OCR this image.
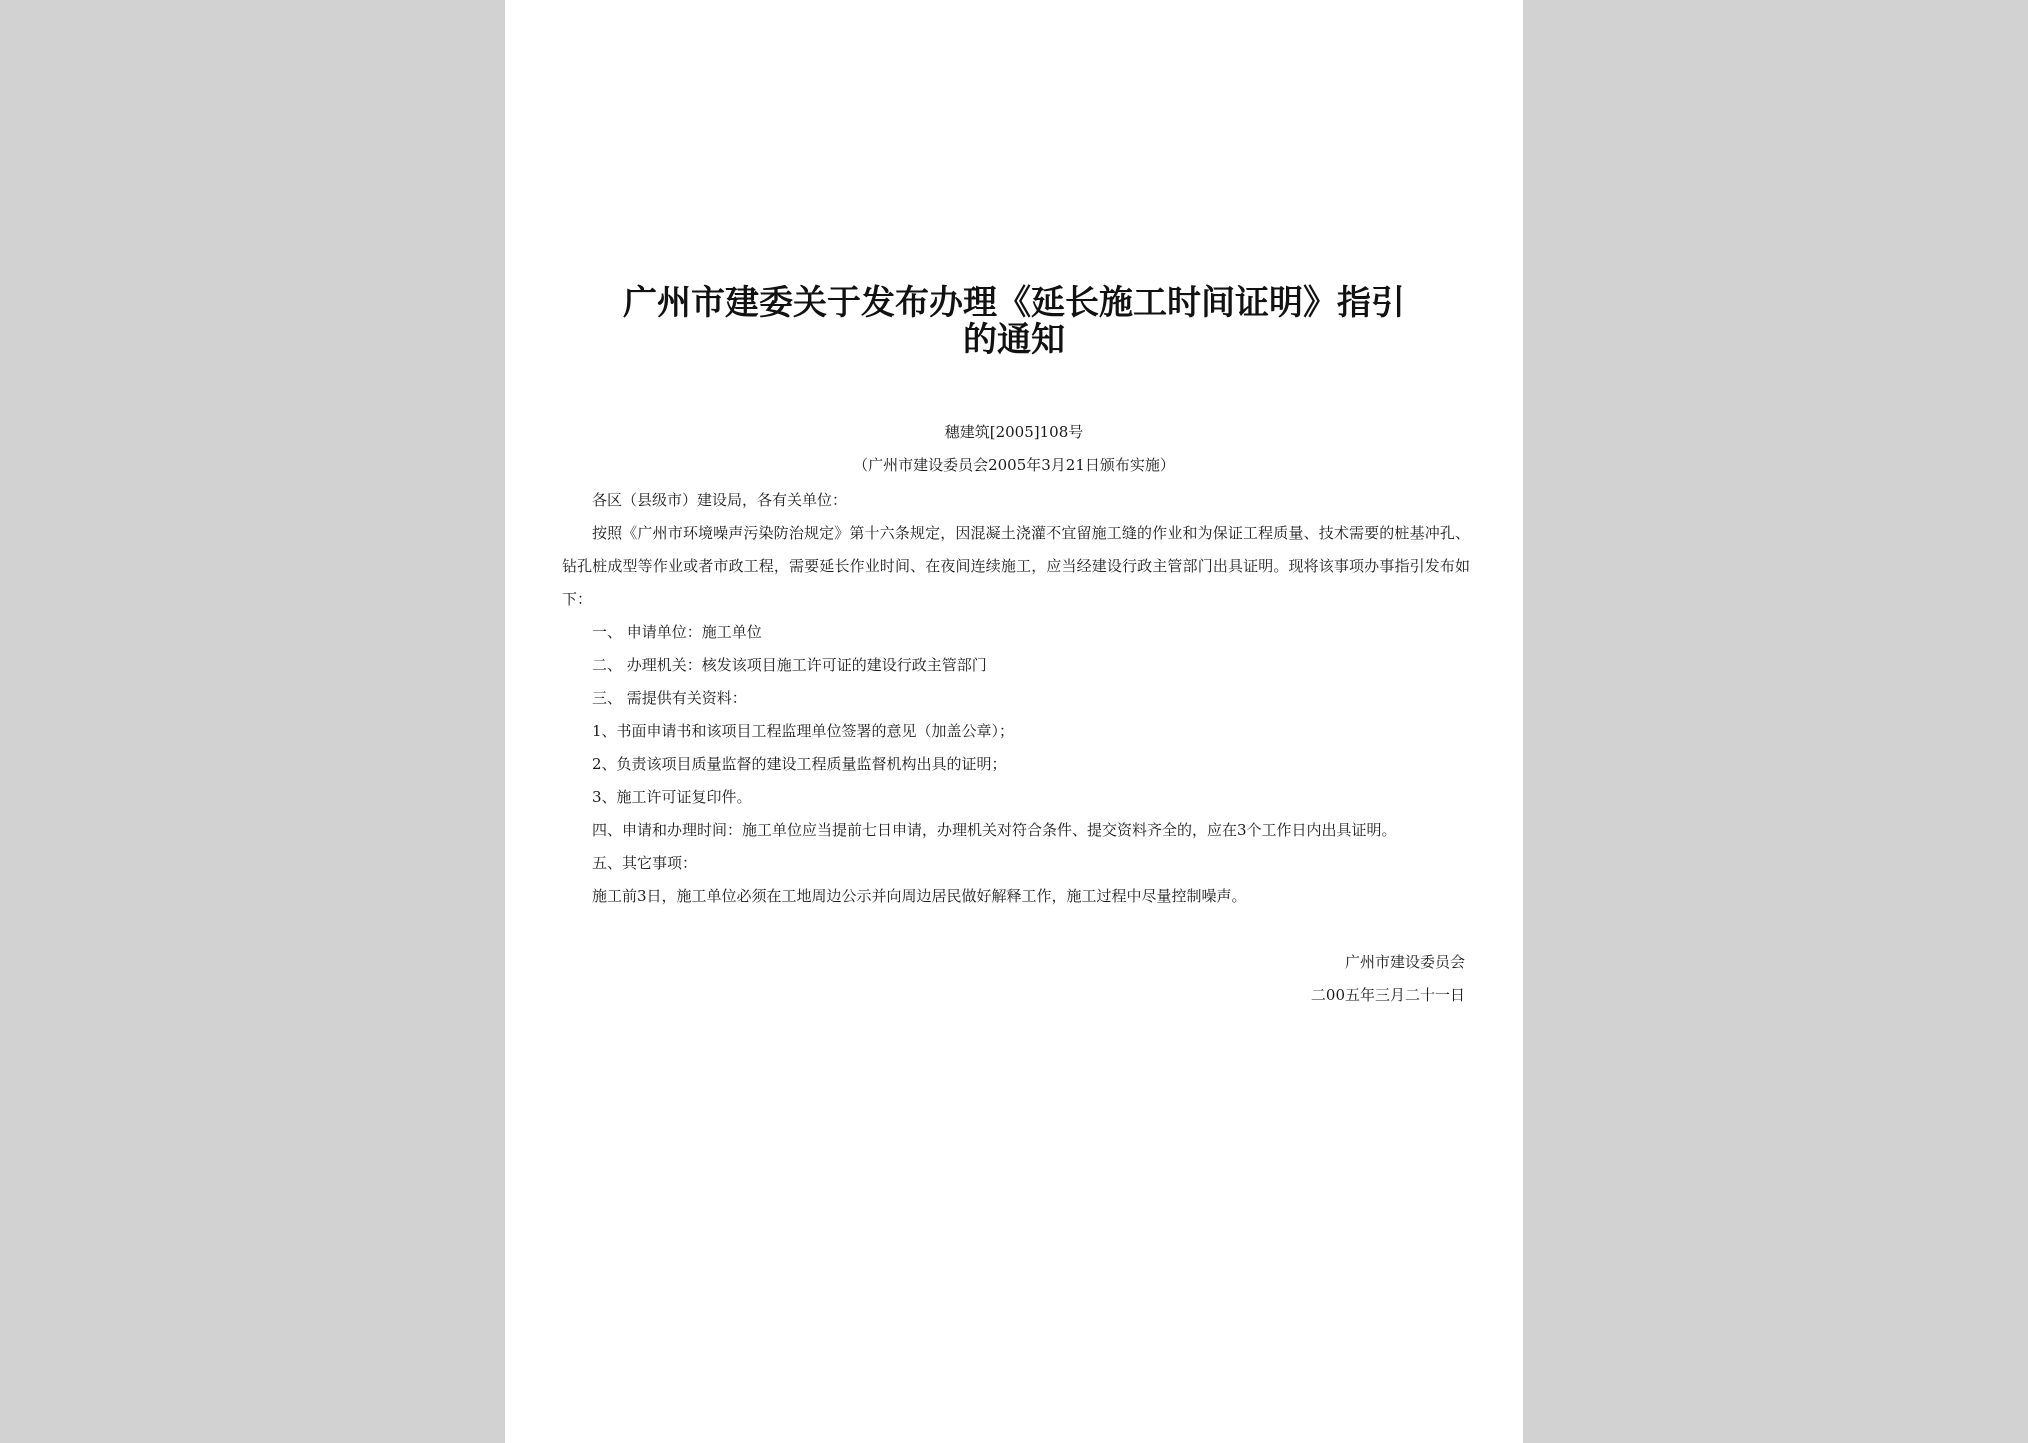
广州市建委关于发布办理《延长施工时间证明》指引
的通知
穗建筑[2005]108号
（广州市建设委员会2005年3月21日颁布实施）

各区（县级市）建设局，各有关单位：

按照《广州市环境噪声污染防治规定》第十六条规定，因混凝土浇灌不宜留施工缝的作业和为保证工程质量、技术需要的桩基冲孔、钻孔桩成型等作业或者市政工程，需要延长作业时间、在夜间连续施工，应当经建设行政主管部门出具证明。现将该事项办事指引发布如下：

一、 申请单位：施工单位

二、 办理机关：核发该项目施工许可证的建设行政主管部门

三、 需提供有关资料：

1、书面申请书和该项目工程监理单位签署的意见（加盖公章）；

2、负责该项目质量监督的建设工程质量监督机构出具的证明；

3、施工许可证复印件。

四、申请和办理时间：施工单位应当提前七日申请，办理机关对符合条件、提交资料齐全的，应在3个工作日内出具证明。

五、其它事项：

施工前3日，施工单位必须在工地周边公示并向周边居民做好解释工作，施工过程中尽量控制噪声。

广州市建设委员会
二00五年三月二十一日
